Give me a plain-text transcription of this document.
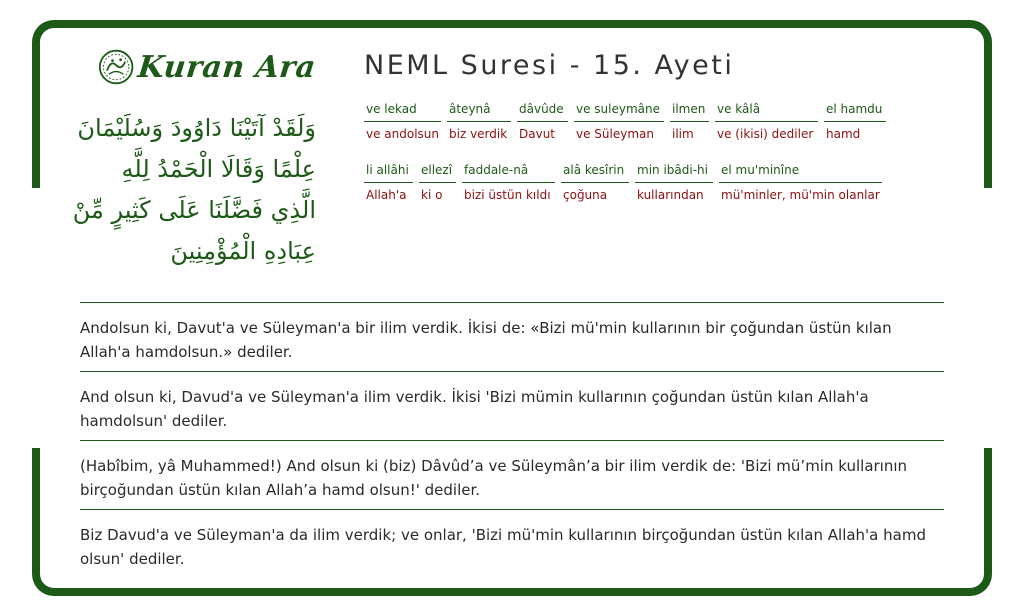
Kuran Ara
وَلَقَدْ آتَيْنَا دَاوُودَ وَسُلَيْمَانَ
عِلْمًا وَقَالَا الْحَمْدُ لِلَّهِ
الَّذِي فَضَّلَنَا عَلَى كَثِيرٍ مِّنْ
عِبَادِهِ الْمُؤْمِنِينَ
NEML Suresi - 15. Ayeti
ve lekad
ve andolsun
âteynâ
biz verdik
dâvûde
Davut
ve suleymâne
ve Süleyman
ilmen
ilim
ve kâlâ
ve (ikisi) dediler
el hamdu
hamd
li allâhi
Allah'a
ellezî
ki o
faddale-nâ
bizi üstün kıldı
alâ kesîrin
çoğuna
min ibâdi-hi
kullarından
el mu'minîne
mü'minler, mü'min olanlar
Andolsun ki, Davut'a ve Süleyman'a bir ilim verdik. İkisi de: «Bizi mü'min kullarının bir çoğundan üstün kılan Allah'a hamdolsun.» dediler.
And olsun ki, Davud'a ve Süleyman'a ilim verdik. İkisi 'Bizi mümin kullarının çoğundan üstün kılan Allah'a hamdolsun' dediler.
(Habîbim, yâ Muhammed!) And olsun ki (biz) Dâvûd’a ve Süleymân’a bir ilim verdik de: 'Bizi mü’min kullarının birçoğundan üstün kılan Allah’a hamd olsun!' dediler.
Biz Davud'a ve Süleyman'a da ilim verdik; ve onlar, 'Bizi mü'min kullarının birçoğundan üstün kılan Allah'a hamd olsun' dediler.
